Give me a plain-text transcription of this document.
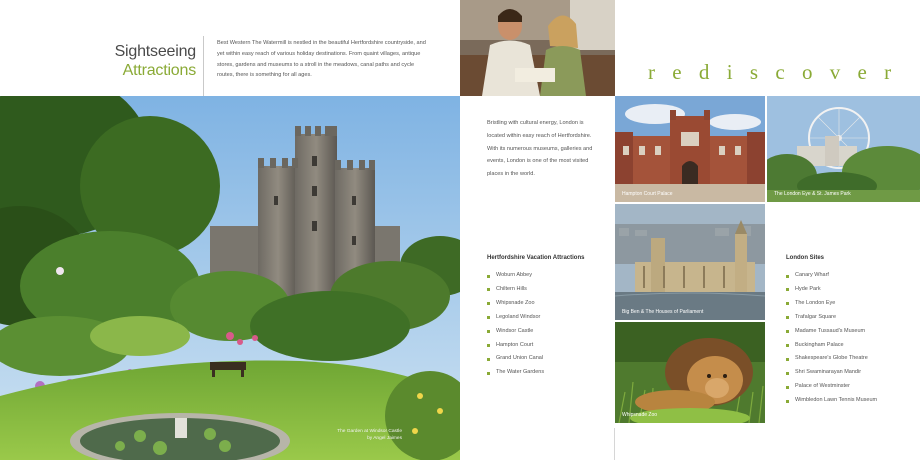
Sightseeing
Attractions
Best Western The Watermill is nestled in the beautiful Hertfordshire countryside, and yet within easy reach of various holiday destinations. From quaint villages, antique stores, gardens and museums to a stroll in the meadows, canal paths and cycle routes, there is something for all ages.
The Garden at Windsor Castle
by Angel Jaimes
rediscover
Bristling with cultural energy, London is located within easy reach of Hertfordshire. With its numerous museums, galleries and events, London is one of the most visited places in the world.
Hampton Court Palace	The London Eye & St. James Park
Big Ben & The Houses of Parliament
Whipsnade Zoo
Hertfordshire Vacation Attractions
Woburn Abbey
Chiltern Hills
Whipsnade Zoo
Legoland Windsor
Windsor Castle
Hampton Court
Grand Union Canal
The Water Gardens
London Sites
Canary Wharf
Hyde Park
The London Eye
Trafalgar Square
Madame Tussaud's Museum
Buckingham Palace
Shakespeare's Globe Theatre
Shri Swaminarayan Mandir
Palace of Westminster
Wimbledon Lawn Tennis Museum
